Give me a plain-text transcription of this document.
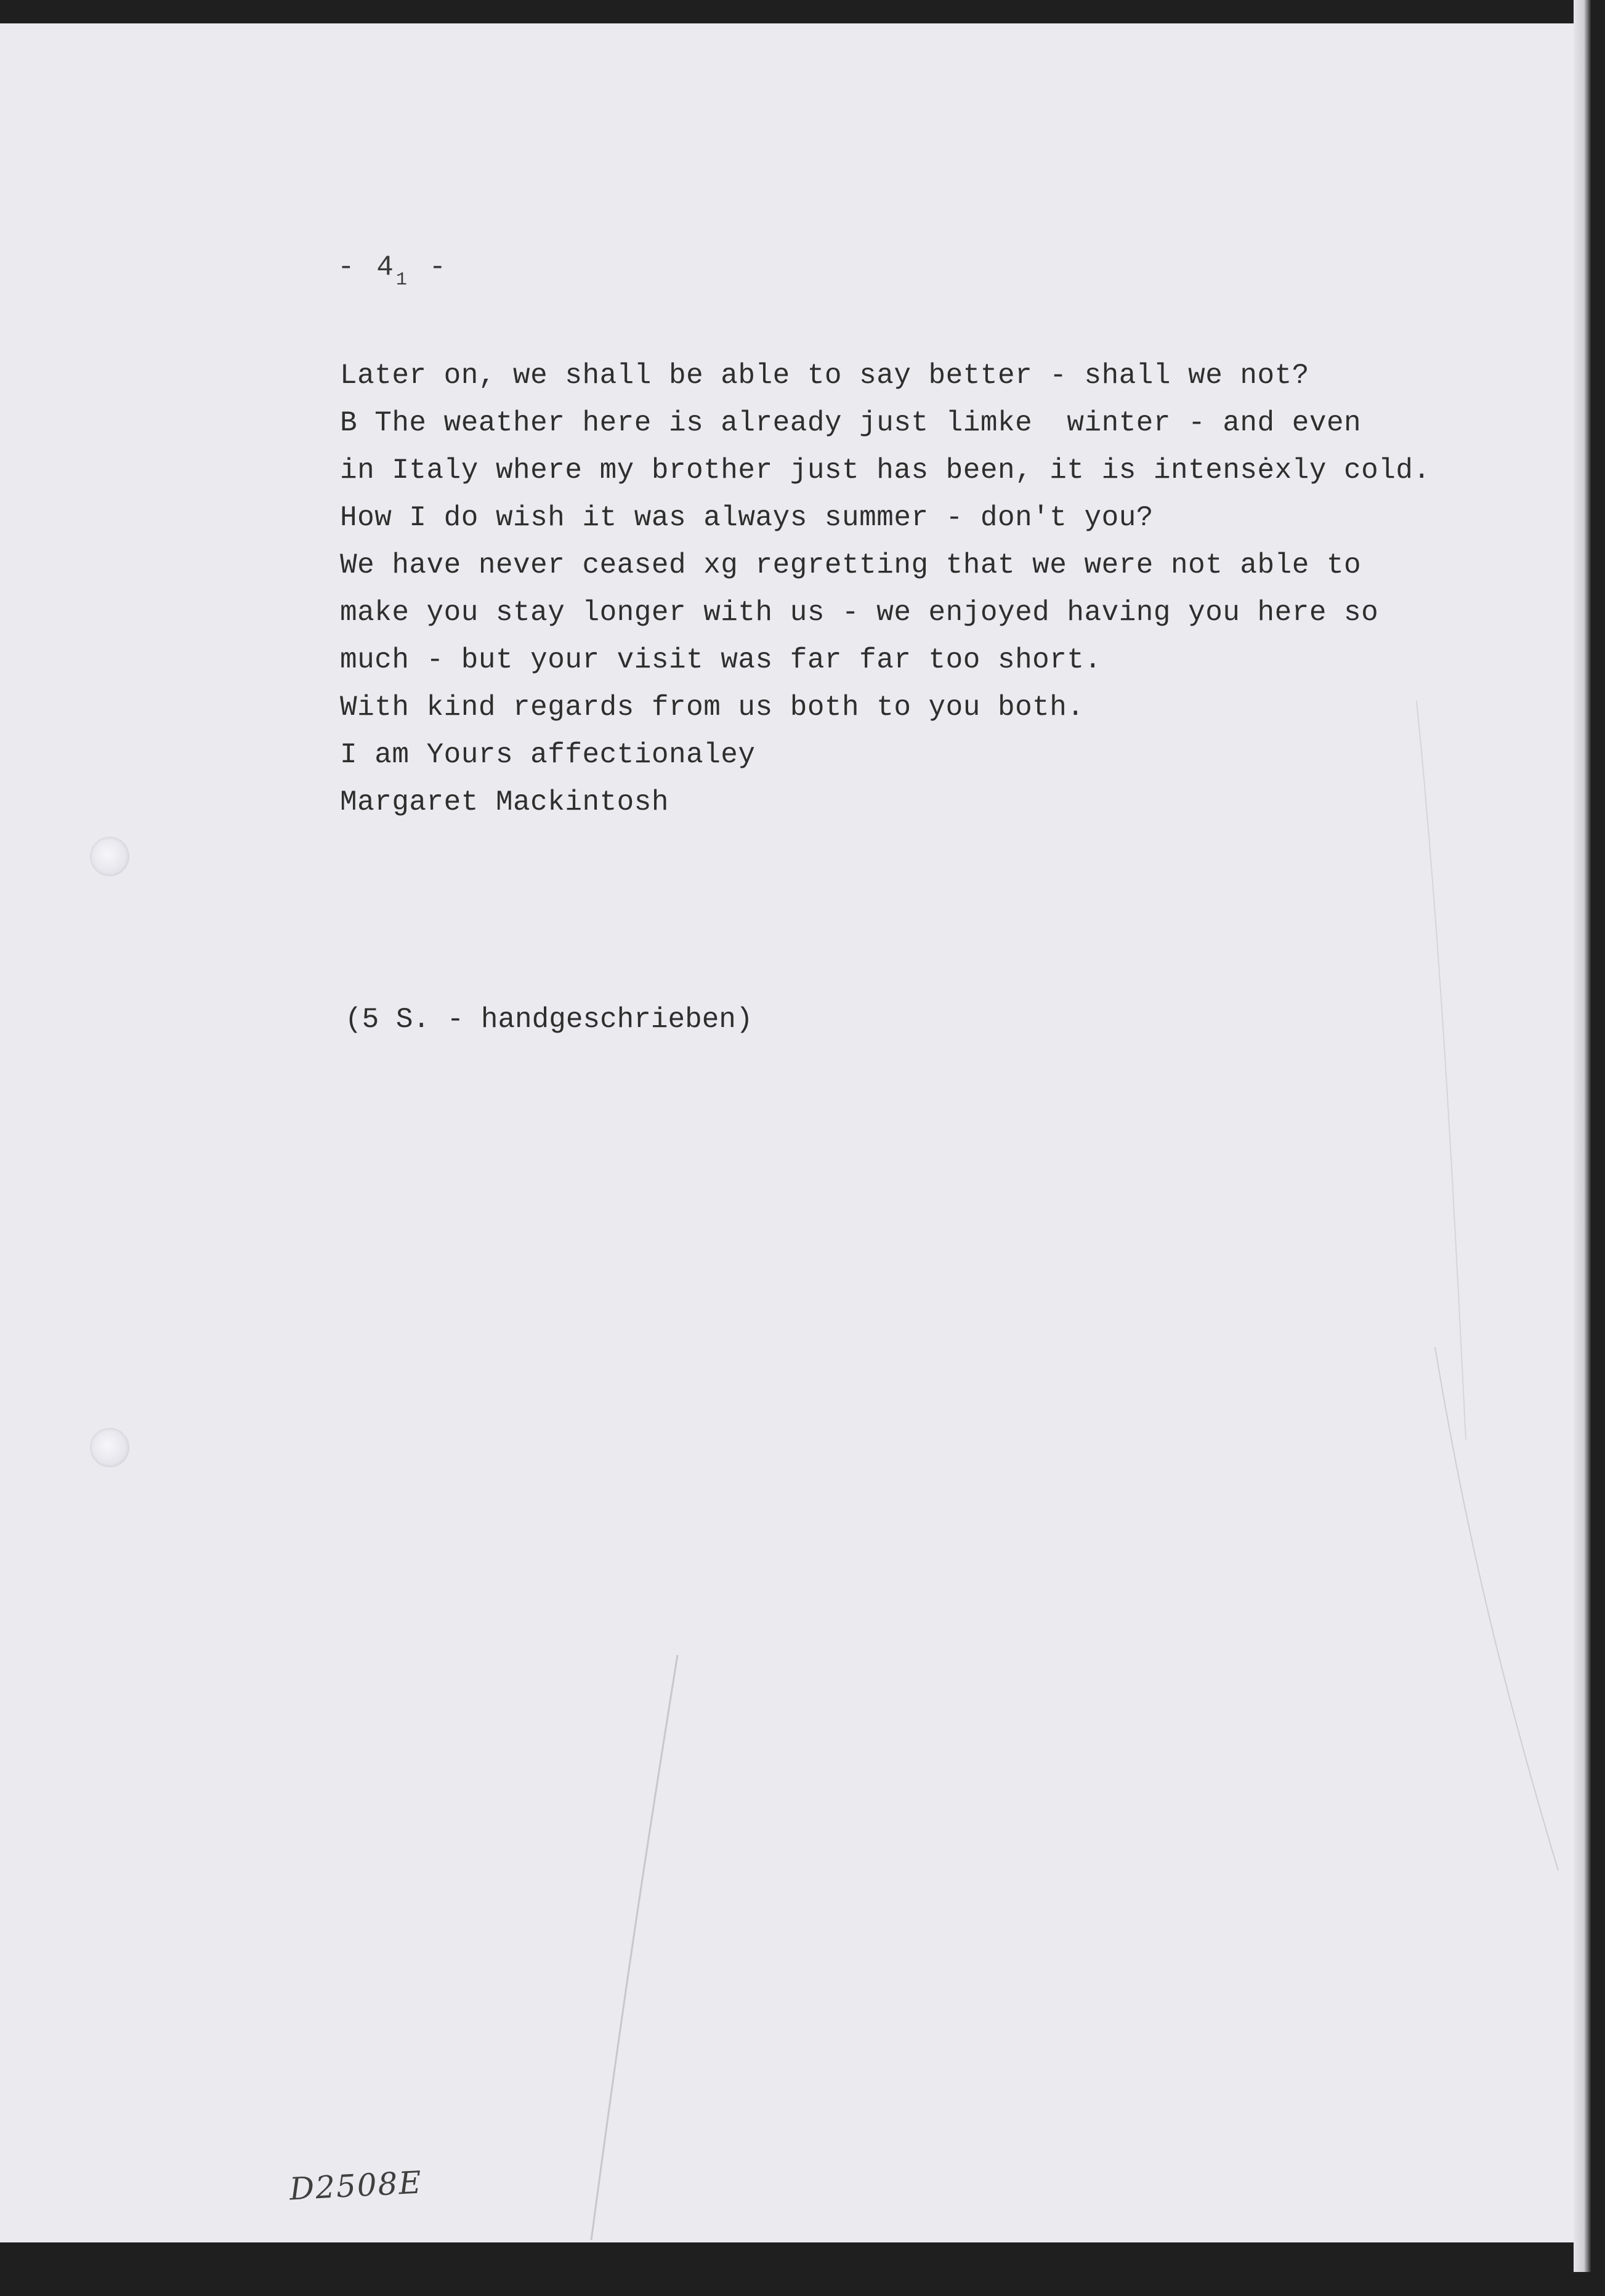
- $4_1$ -
Later on, we shall be able to say better - shall we not?
B The weather here is already just limke  winter - and even
in Italy where my brother just has been, it is intensėxly cold.
How I do wish it was always summer - don't you?
We have never ceased xg regretting that we were not able to
make you stay longer with us - we enjoyed having you here so
much - but your visit was far far too short.
With kind regards from us both to you both.
I am Yours affectionaley
Margaret Mackintosh
(5 S. - handgeschrieben)
D2508E
